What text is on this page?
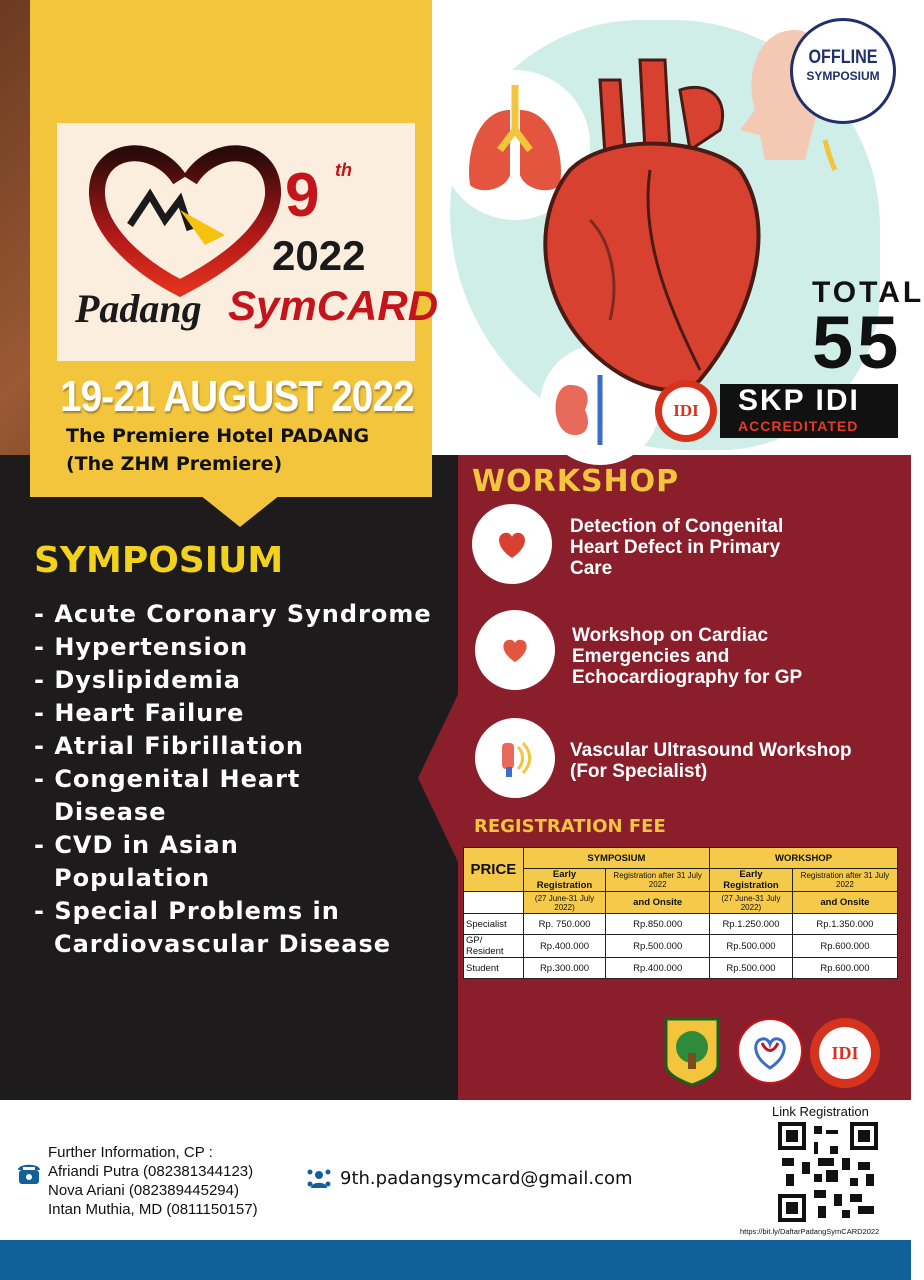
9 th
2022
Padang SymCARD
19-21 AUGUST 2022
The Premiere Hotel PADANG
(The ZHM Premiere)
OFFLINE
SYMPOSIUM
TOTAL
55
SKP IDI
ACCREDITATED
IDI
SYMPOSIUM
- Acute Coronary Syndrome
- Hypertension
- Dyslipidemia
- Heart Failure
- Atrial Fibrillation
- Congenital Heart
Disease
- CVD in Asian
Population
- Special Problems in
Cardiovascular Disease
WORKSHOP
Detection of Congenital
Heart Defect in Primary
Care
Workshop on Cardiac
Emergencies and
Echocardiography for GP
Vascular Ultrasound Workshop
(For Specialist)
REGISTRATION FEE
PRICE	SYMPOSIUM		WORKSHOP	
	Early Registration	Registration after 31 July 2022	Early Registration	Registration after 31 July 2022
	(27 June-31 July 2022)	and Onsite	(27 June-31 July 2022)	and Onsite
Specialist	Rp. 750.000	Rp.850.000	Rp.1.250.000	Rp.1.350.000
GP/ Resident	Rp.400.000	Rp.500.000	Rp.500.000	Rp.600.000
Student	Rp.300.000	Rp.400.000	Rp.500.000	Rp.600.000
IDI
Further Information, CP :
Afriandi Putra (082381344123)
Nova Ariani (082389445294)
Intan Muthia, MD (0811150157)
9th.padangsymcard@gmail.com
Link Registration
https://bit.ly/DaftarPadangSymCARD2022
